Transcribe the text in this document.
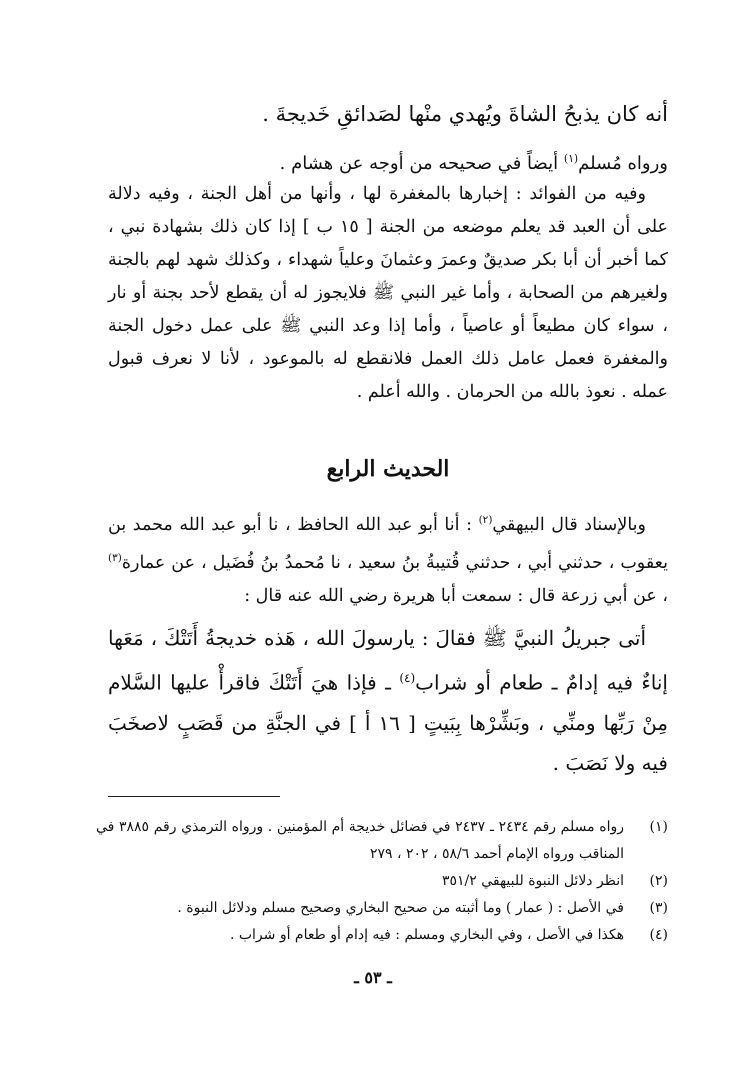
أنه كان يذبحُ الشاةَ ويُهدي منْها لصَدائقِ خَديجةَ .
ورواه مُسلم$^{(١)}$ أيضاً في صحيحه من أوجه عن هشام .
وفيه من الفوائد : إخبارها بالمغفرة لها ، وأنها من أهل الجنة ، وفيه دلالة على أن العبد قد يعلم موضعه من الجنة [ ١٥ ب ] إذا كان ذلك بشهادة نبي ، كما أخبر أن أبا بكر صديقٌ وعمرَ وعثمانَ وعلياً شهداء ، وكذلك شهد لهم بالجنة ولغيرهم من الصحابة ، وأما غير النبي ﷺ فلايجوز له أن يقطع لأحد بجنة أو نار ، سواء كان مطيعاً أو عاصياً ، وأما إذا وعد النبي ﷺ على عمل دخول الجنة والمغفرة فعمل عامل ذلك العمل فلانقطع له بالموعود ، لأنا لا نعرف قبول عمله . نعوذ بالله من الحرمان . والله أعلم .
الحديث الرابع
وبالإسناد قال البيهقي$^{(٢)}$ : أنا أبو عبد الله الحافظ ، نا أبو عبد الله محمد بن يعقوب ، حدثني أبي ، حدثني قُتيبةُ بنُ سعيد ، نا مُحمدُ بنُ فُضَيل ، عن عمارة$^{(٣)}$ ، عن أبي زرعة قال : سمعت أبا هريرة رضي الله عنه قال :
أتى جبريلُ النبيَّ ﷺ فقالَ : يارسولَ الله ، هَذه خديجةُ أَتَتْكَ ، مَعَها إناءٌ فيه إدامٌ ـ طعام أو شراب$^{(٤)}$ ـ فإذا هيَ أَتَتْكَ فاقرأْ عليها السَّلام مِنْ رَبِّها ومنِّي ، وبَشِّرْها بِبَيتٍ [ ١٦ أ ] في الجنَّةِ من قَصَبٍ لاصخَبَ فيه ولا نَصَبَ .
(١)
رواه مسلم رقم ٢٤٣٤ ـ ٢٤٣٧ في فضائل خديجة أم المؤمنين . ورواه الترمذي رقم ٣٨٨٥ في المناقب ورواه الإمام أحمد ٥٨/٦ ، ٢٠٢ ، ٢٧٩
(٢)
انظر دلائل النبوة للبيهقي ٣٥١/٢
(٣)
في الأصل : ( عمار ) وما أثبته من صحيح البخاري وصحيح مسلم ودلائل النبوة .
(٤)
هكذا في الأصل ، وفي البخاري ومسلم : فيه إدام أو طعام أو شراب .
ـ ٥٣ ـ
